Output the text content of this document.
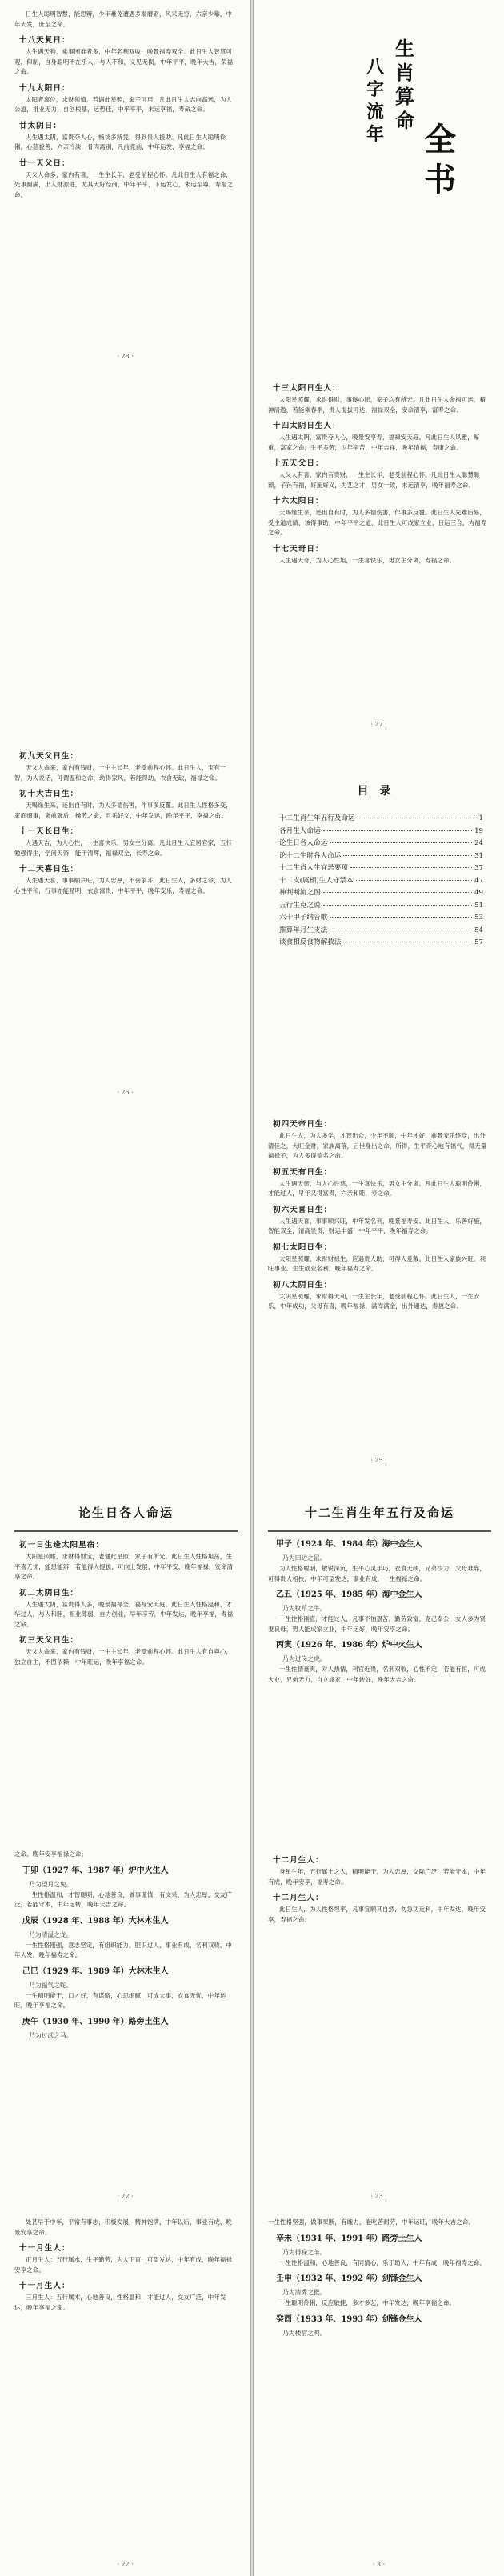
日生人聪明智慧，能思辨，少年难免遭遇多端磨砺，风采无穷，六亲少靠，中年大发，庶至之命。

十八天复日：

人生遇天狗，乘事困难者多，中年名利双收，晚景福寿双全。此日生人智慧可观，仰制，自身聪明不在乎人，与人不和，义见无损，中年平平，晚年大吉，荣福之命。

十九太阳日：

太阳者离位，求财须慎，若遇此星照，家子可用，凡此日生人志向高远，为人公道，祖业无力，自创根基，运势佳，中平平平，末运享福，寿命之命。

廿太阴日：

人生遇太阴，富贵夺人心，畅谈多所凭，得到贵人援助。凡此日生人聪明伶俐，心慈貌善，六亲冷淡，骨肉离别，凡前克前，中年运发，享福之命。

廿一天父日：

天父人命多，家内有喜，一生主长年，老受前程心怀。凡此日生人有福之命，处事圆满，出入财源进，尤其大好经商，中年平平，下运发心，末运至尊，寿福之命。

· 28 ·
生
肖
算
命
八
字
流
年 全
书
十三太阳日生人：

太阳星照耀，求财得财，事遂心愿，家子均有所光。凡此日生人金福可运，精神清逸，若能乘春季，贵人提拔可达，福禄双全，安命清享，富寿之命。

十四太阴日生人：

人生遇太阴，富贵夺人心，晚景安享寿，福禄安天庭。凡此日生人风雅，厚重，富家之命，生平多劳，少年辛苦，中年吉祥，晚年清福，寿康之命。

十五天父日：

人父人有喜，家内有贵财，一生主长年，老受前程心怀。凡此日生人聪慧聪颖，子孙有福，好施好义，为艺之才，男女一致，末运清享，晚年福寿之命。

十六太阳日：

天喝缘生来，还出自有时，为人多德伤害，作事多反覆。此日生人先难后易，受主道成绩，该得事助，中年平平之道，此日生人可成家立业，日运三合，为福寿之命。

十七天奇日：

人生遇天奇，为人心性坦，一生喜快乐，男女主分离，寿福之命。

· 27 ·
初九天父日生：

天父人命来，家内有钱财，一生主长年，老受前程心怀。此日生人，宝有一智，为人说话，可谓温和之命，幼得家风，若能得助，衣食无缺，福禄之命。

初十大吉日生：

天喝缘生来，还出自有时，为人多德伤害，作事多反覆。此日生人性格多变，家庭细事，离前就后，操劳之命，且乐好义，中年发运，晚年平平，享福之命。

十一天长日生：

人遇天吉，为人心性，一生喜快乐，男女主分离。凡此日生人宜居官家，五行勉强得生，学问天资，能干清辉，福禄双全，长寿之命。

十二天喜日生：

人生遇天喜，事事顺兴旺，为人忠厚，不善争斗，此日生人，多财之命，为人心性平和，行事亦能精明，衣食富贵，中年平平，晚年安乐，寿福之命。

· 26 ·
目录
十二生肖生年五行及命运	1
各月生人命运	19
论生日各人命运	24
论十二生时各人命运	31
十二生肖人生宜忌要项	37
十二支(属相)生人守禁本	47
神判断流之图	49
五行生克之说	51
六十甲子纳音歌	53
推算年月生支法	54
谈食相反食物解救法	57
初四天帝日生：

此日生人，为人多学，才智出众，少年不顺，中年才好，前景安乐终身，出外清佳之，大旺金财，家族离落，后世身出之命，所得，生平奇心地有福气，得无量福禄子，为人多得德名之命。

初五天有日生：

人生遇天帝，与人心性慈，一生喜快乐，男女主分离。凡此日生人聪明伶俐，才能过人，早年又得富贵，六亲和睦，寿之命。

初六天喜日生：

人生遇天喜，事事顺兴旺，中年发名利，晚景福寿安。此日生人，乐善好施，智能双全，清高显贵，财运丰盛，中年平平，晚年福寿之命。

初七太阳日生：

太阳星照耀，求财财禄生，应遇贵人助，可得人爱戴。此日生人家族兴旺，利旺事业，生生创业名利，晚年福寿之命。

初八太阴日生：

太阴星照耀，求财得大利，一生主长年，老受前程心怀。此日生人，一生安乐，中年成功，父母有喜，晚年福禄，满库满金，出外通达，寿福之命。

· 25 ·
论生日各人命运
初一日生逢太阳星宿：

太阳星照耀，求财得财宝，老遇此星照，家子有所光。此日生人性格坦荡，生平喜无忧，能思能辨，若能得人提拔，可向上发展，中年平安，晚年福禄，安命清享之命。

初二太阴日生：

人生遇太阴，富贵得人多，晚景福禄全，福禄安天庭。此日生人性格温和，才华过人，与人和睦，祖业薄弱，自力创业，早年辛劳，中年发达，晚年享福，寿福之命。

初三天父日生：

天父人命来，家内有钱财，一生主长年，老受前程心怀。此日生人有自尊心，独立自主，不图依赖，中年旺运，晚年享福之命。

十二生肖生年五行及命运
甲子（1924 年、1984 年）海中金生人
乃为田边之鼠。

为人性格聪明，敏锐深沉，生平心灵手巧，衣食无缺，兄弟少力，父母难靠，可得贵人相扶，中年可望发达，事业有成，一生福禄之命。

乙丑（1925 年、1985 年）海中金生人
乃为牧草之牛。

一生性格刚直，才能过人，凡事不怕艰苦，勤劳致富，克己奉公，女人多为贤妻良母，男人能成家立业，中年运好，晚年安享之命。

丙寅（1926 年、1986 年）炉中火生人
乃为过岗之虎。

一生性情豪爽，对人热情，利官近贵，名利双收，心性不定，若能有恒，可成大业，兄弟无力，自立成家，中年转好，晚年大吉之命。

之命。晚年安享福禄之命。

丁卯（1927 年、1987 年）炉中火生人
乃为望月之兔。

一生性格温和，才智聪明，心地善良，做事谨慎，有文采，为人忠厚，交友广泛，若能守本，中年运转，晚年大吉之命。

戊辰（1928 年、1988 年）大林木生人
乃为清温之龙。

一生性格刚强，意志坚定，有组织能力，胆识过人，事业有成，名利双收，中年大发，晚年福寿之命。

己巳（1929 年、1989 年）大林木生人
乃为福气之蛇。

一生精明能干，口才好，有谋略，心思细腻，可成大事，衣食无忧，中年运旺，晚年享福之命。

庚午（1930 年、1990 年）路旁土生人
乃为过武之马。
· 22 ·
十二月生人：

身星生年，五行属土之人，精明能干，为人忠厚，交际广泛，若能守本，中年有成，晚年安享，福寿之命。

十二月生人：

此日生人，为人性格坦率，凡事宜顺其自然，勿急功近利，中年发达，晚年安享，寿福之命。

· 23 ·

处甚早于中年，平常有事志，积极发展，精神饱满，中年以后，事业有成，晚景安享之命。

十一月生人：

正月生人：五行属水，生平勤劳，为人正直，可望发达，中年有成，晚年福禄安享之命。

十一月生人：

三月生人：五行属木，心地善良，性格温和，才能过人，交友广泛，中年发达，晚年享福之命。

· 22 ·

一生性格坚强，做事果断，有魄力，能吃苦耐劳，中年运旺，晚年大吉之命。

辛未（1931 年、1991 年）路旁土生人
乃为得禄之羊。

一生性格温和，心地善良，有同情心，乐于助人，中年有成，晚年福寿之命。

壬申（1932 年、1992 年）剑锋金生人
乃为清秀之猴。

一生聪明伶俐，反应敏捷，多才多艺，中年发达，晚年享福之命。

癸酉（1933 年、1993 年）剑锋金生人
乃为楼宿之鸡。
· 3 ·
